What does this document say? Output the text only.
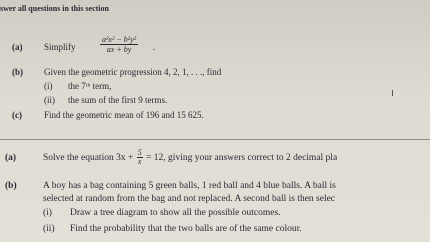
swer all questions in this section
(a) Simplify	$\frac{\text{a²x² − b²y²}}{ax + by}$ .
(b) Given the geometric progression 4, 2, 1, . . ., find
(i) the 7ᵗʰ term,
(ii) the sum of the first 9 terms.
(c) Find the geometric mean of 196 and 15 625.
(a)	Solve the equation $3x + \frac{5}{x} = 12$, giving your answers correct to 2 decimal pla
(b)	A boy has a bag containing 5 green balls, 1 red ball and 4 blue balls. A ball is
selected at random from the bag and not replaced. A second ball is then selec
(i) Draw a tree diagram to show all the possible outcomes.
(ii) Find the probability that the two balls are of the same colour.
